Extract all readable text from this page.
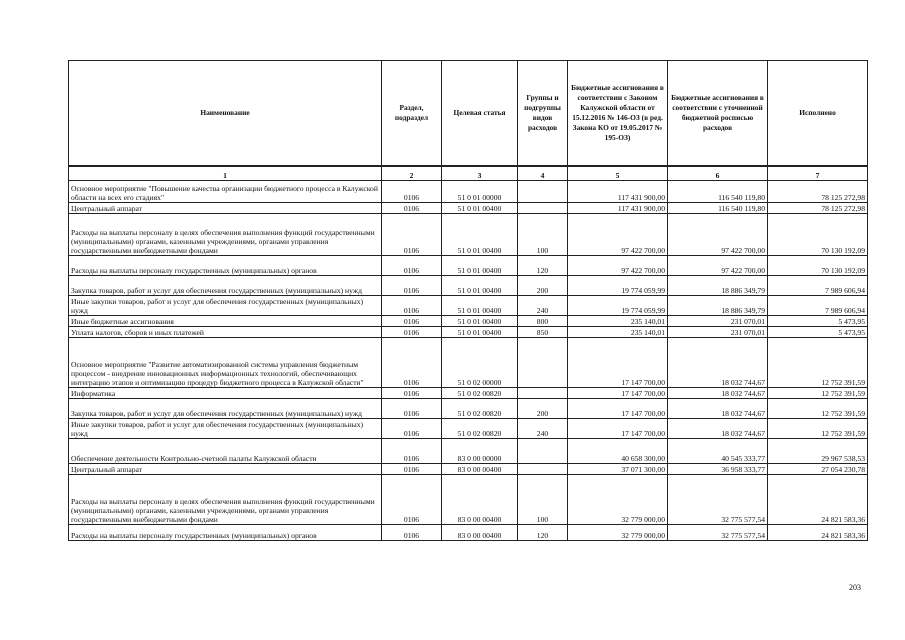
Наименование	Раздел, подраздел	Целевая статья	Группы и подгруппы видов расходов	Бюджетные ассигнования в соответствии с Законом Калужской области от 15.12.2016 № 146-ОЗ (в ред. Закона КО от 19.05.2017 № 195-ОЗ)	Бюджетные ассигнования в соответствии с уточненной бюджетной росписью расходов	Исполнено
1	2	3	4	5	6	7
Основное мероприятие "Повышение качества организации бюджетного процесса в Калужской области на всех его стадиях"	0106	51 0 01 00000		117 431 900,00	116 540 119,80	78 125 272,98
Центральный аппарат	0106	51 0 01 00400		117 431 900,00	116 540 119,80	78 125 272,98
Расходы на выплаты персоналу в целях обеспечения выполнения функций государственными (муниципальными) органами, казенными учреждениями, органами управления государственными внебюджетными фондами	0106	51 0 01 00400	100	97 422 700,00	97 422 700,00	70 130 192,09
Расходы на выплаты персоналу государственных (муниципальных) органов	0106	51 0 01 00400	120	97 422 700,00	97 422 700,00	70 130 192,09
Закупка товаров, работ и услуг для обеспечения государственных (муниципальных) нужд	0106	51 0 01 00400	200	19 774 059,99	18 886 349,79	7 989 606,94
Иные закупки товаров, работ и услуг для обеспечения государственных (муниципальных) нужд	0106	51 0 01 00400	240	19 774 059,99	18 886 349,79	7 989 606,94
Иные бюджетные ассигнования	0106	51 0 01 00400	800	235 140,01	231 070,01	5 473,95
Уплата налогов, сборов и иных платежей	0106	51 0 01 00400	850	235 140,01	231 070,01	5 473,95
Основное мероприятие "Развитие автоматизированной системы управления бюджетным процессом - внедрение инновационных информационных технологий, обеспечивающих интеграцию этапов и оптимизацию процедур бюджетного процесса в Калужской области"	0106	51 0 02 00000		17 147 700,00	18 032 744,67	12 752 391,59
Информатика	0106	51 0 02 00820		17 147 700,00	18 032 744,67	12 752 391,59
Закупка товаров, работ и услуг для обеспечения государственных (муниципальных) нужд	0106	51 0 02 00820	200	17 147 700,00	18 032 744,67	12 752 391,59
Иные закупки товаров, работ и услуг для обеспечения государственных (муниципальных) нужд	0106	51 0 02 00820	240	17 147 700,00	18 032 744,67	12 752 391,59
Обеспечение деятельности Контрольно-счетной палаты Калужской области	0106	83 0 00 00000		40 658 300,00	40 545 333,77	29 967 538,53
Центральный аппарат	0106	83 0 00 00400		37 071 300,00	36 958 333,77	27 054 230,78
Расходы на выплаты персоналу в целях обеспечения выполнения функций государственными (муниципальными) органами, казенными учреждениями, органами управления государственными внебюджетными фондами	0106	83 0 00 00400	100	32 779 000,00	32 775 577,54	24 821 583,36
Расходы на выплаты персоналу государственных (муниципальных) органов	0106	83 0 00 00400	120	32 779 000,00	32 775 577,54	24 821 583,36
203
